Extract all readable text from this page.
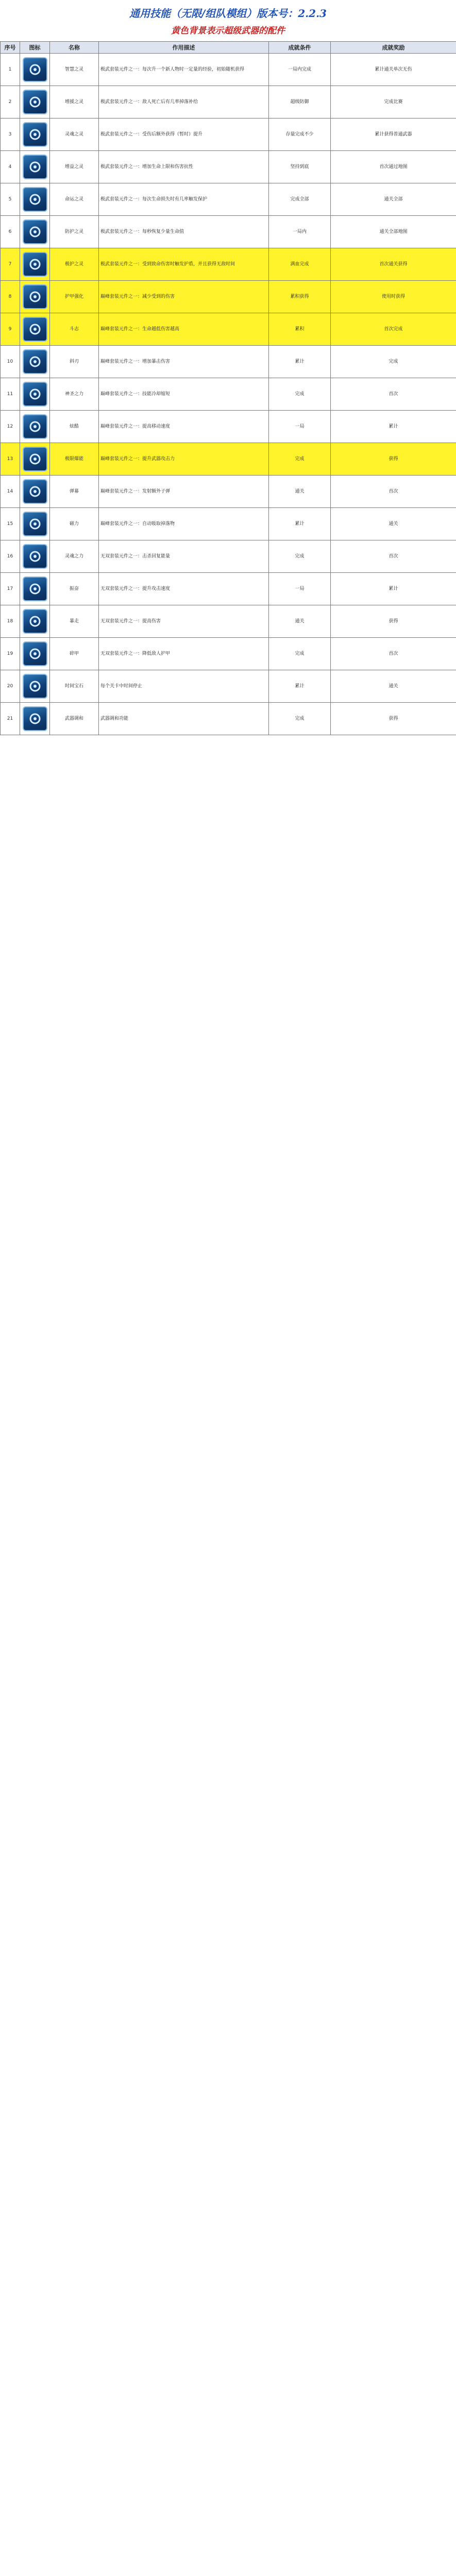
通用技能（无限/组队模组）版本号：2.2.3
黄色背景表示超级武器的配件
序号	图标	名称	作用描述	成就条件	成就奖励
1		智慧之灵	极武套装元件之一：每次升一个新人物时一定量的经验，初始随机获得	一局内完成	累计通关单次无伤
2		增援之灵	极武套装元件之一：敌人死亡后有几率掉落补给	超级防御	完成比赛
3		灵魂之灵	极武套装元件之一：受伤后额外获得（暂时）提升	存量完成不少	累计获得普通武器
4		增益之灵	极武套装元件之一：增加生命上限和伤害抗性	坚持到底	首次通过地图
5		命运之灵	极武套装元件之一：每次生命损失时有几率触发保护	完成全部	通关全部
6		防护之灵	极武套装元件之一：每秒恢复少量生命值	一局内	通关全部地图
7		极护之灵	极武套装元件之一：受到致命伤害时触发护盾，并且获得无敌时间	满血完成	首次通关获得
8		护甲强化	巅峰套装元件之一：减少受到的伤害	累积获得	使用时获得
9		斗志	巅峰套装元件之一：生命越低伤害越高	累积	首次完成
10		斜刃	巅峰套装元件之一：增加暴击伤害	累计	完成
11		神圣之力	巅峰套装元件之一：技能冷却缩短	完成	首次
12		炫酷	巅峰套装元件之一：提高移动速度	一局	累计
13		极限爆能	巅峰套装元件之一：提升武器攻击力	完成	获得
14		弹幕	巅峰套装元件之一：发射额外子弹	通关	首次
15		磁力	巅峰套装元件之一：自动吸取掉落物	累计	通关
16		灵魂之力	无双套装元件之一：击杀回复能量	完成	首次
17		振奋	无双套装元件之一：提升攻击速度	一局	累计
18		暴走	无双套装元件之一：提高伤害	通关	获得
19		碎甲	无双套装元件之一：降低敌人护甲	完成	首次
20		时间宝石	每个关卡中时间停止	累计	通关
21		武器调和	武器调和功能	完成	获得
